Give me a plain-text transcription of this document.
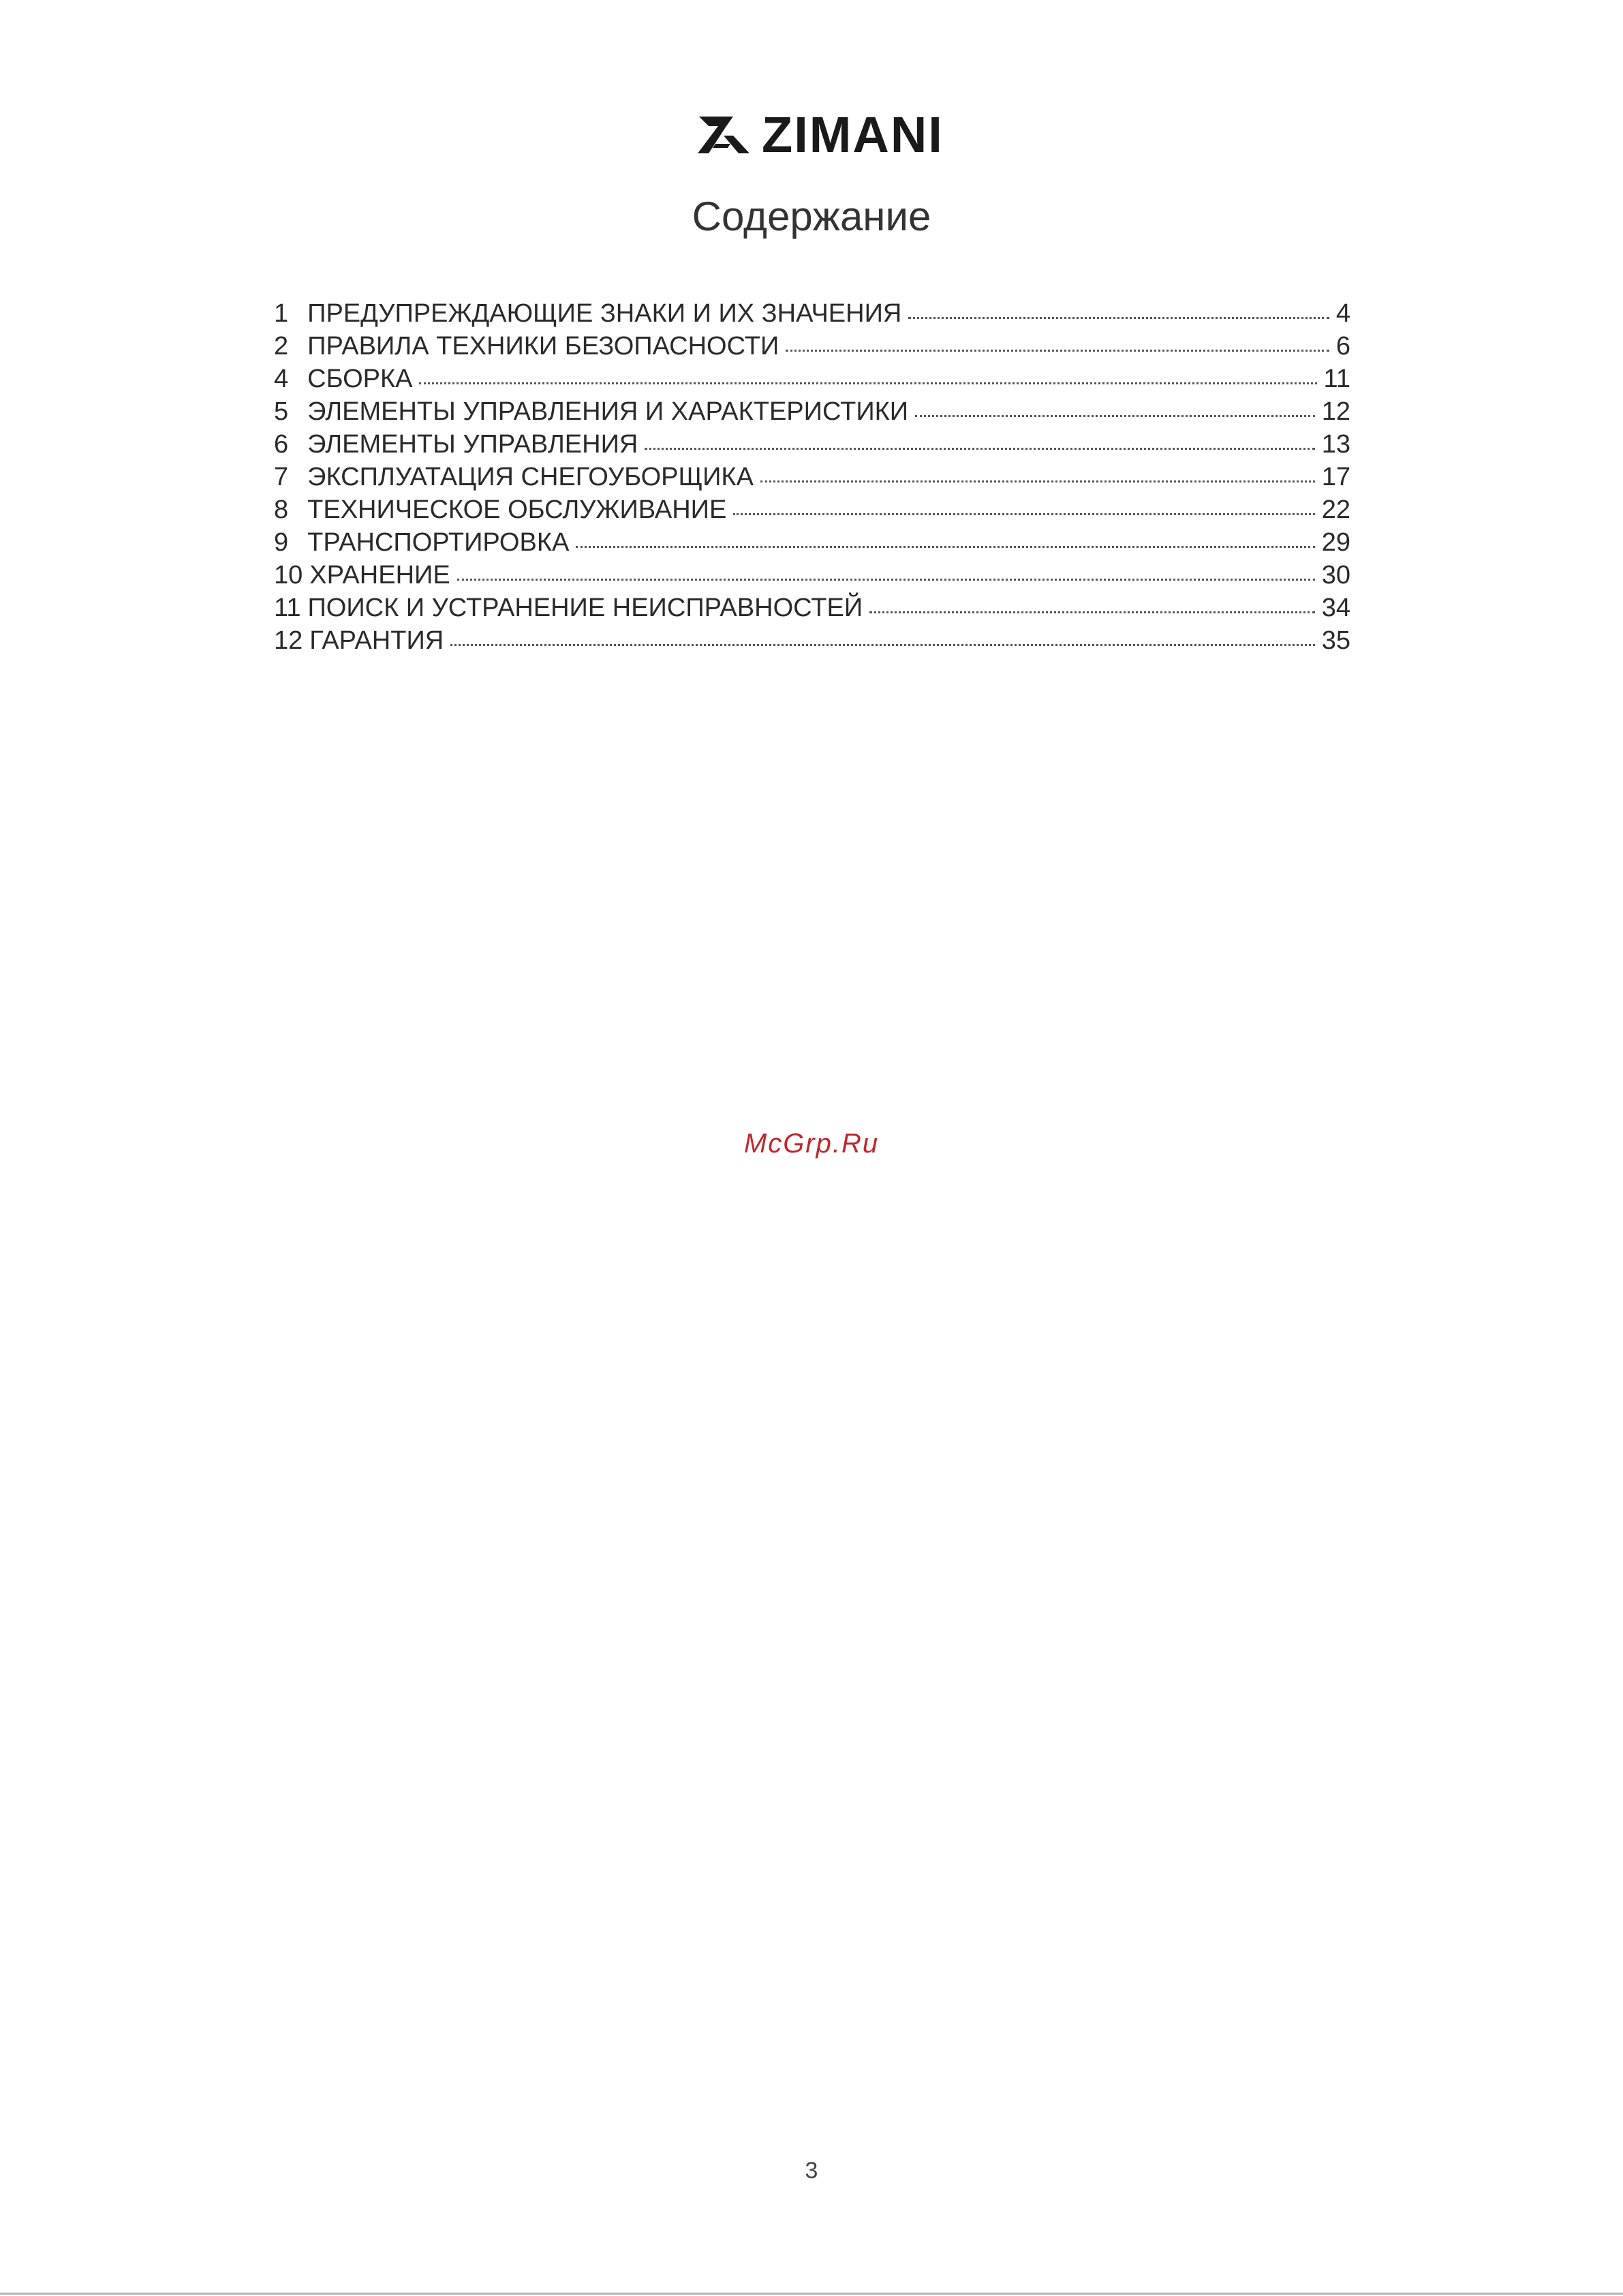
ZIMANI
Содержание
1 ПРЕДУПРЕЖДАЮЩИЕ ЗНАКИ И ИХ ЗНАЧЕНИЯ	4
2 ПРАВИЛА ТЕХНИКИ БЕЗОПАСНОСТИ	6
4 СБОРКА	11
5 ЭЛЕМЕНТЫ УПРАВЛЕНИЯ И ХАРАКТЕРИСТИКИ	12
6 ЭЛЕМЕНТЫ УПРАВЛЕНИЯ	13
7 ЭКСПЛУАТАЦИЯ СНЕГОУБОРЩИКА	17
8 ТЕХНИЧЕСКОЕ ОБСЛУЖИВАНИЕ	22
9 ТРАНСПОРТИРОВКА	29
10 ХРАНЕНИЕ	30
11 ПОИСК И УСТРАНЕНИЕ НЕИСПРАВНОСТЕЙ	34
12 ГАРАНТИЯ	35
McGrp.Ru
3
